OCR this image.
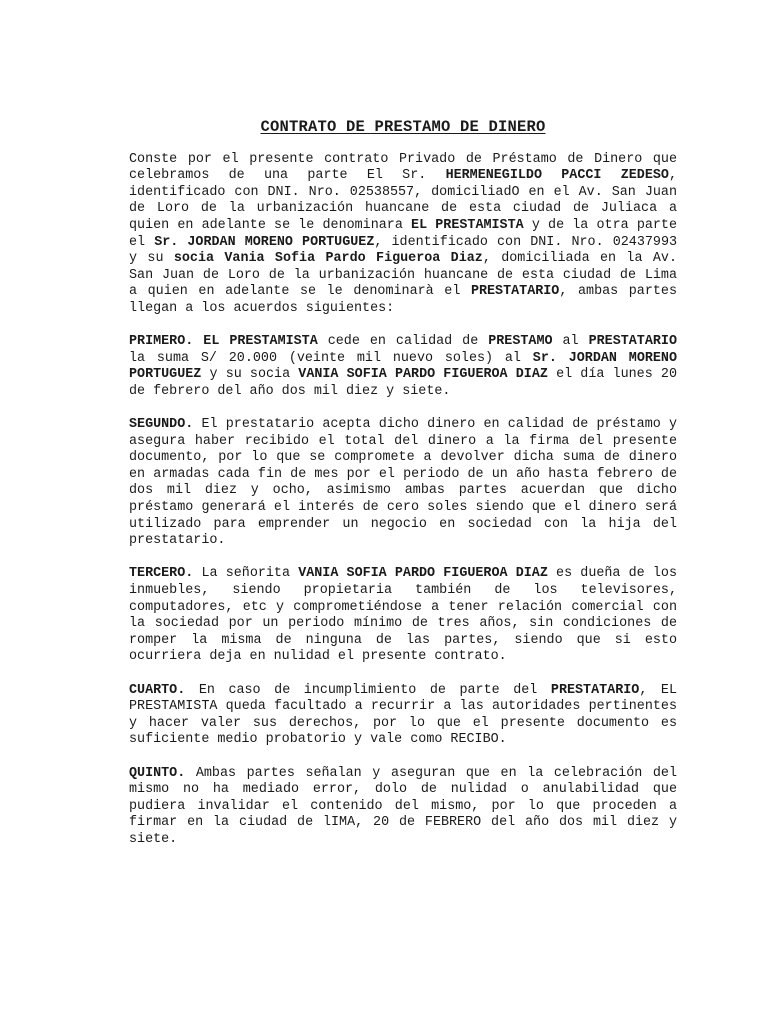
CONTRATO DE PRESTAMO DE DINERO

Conste por el presente contrato Privado de Préstamo de Dinero que celebramos de una parte El Sr. HERMENEGILDO PACCI ZEDESO, identificado con DNI. Nro. 02538557, domiciliadO en el Av. San Juan de Loro de la urbanización huancane de esta ciudad de Juliaca a quien en adelante se le denominara EL PRESTAMISTA y de la otra parte el Sr. JORDAN MORENO PORTUGUEZ, identificado con DNI. Nro. 02437993 y su socia Vania Sofia Pardo Figueroa Diaz, domiciliada en la Av. San Juan de Loro de la urbanización huancane de esta ciudad de Lima a quien en adelante se le denominarà el PRESTATARIO, ambas partes llegan a los acuerdos siguientes:

PRIMERO. EL PRESTAMISTA cede en calidad de PRESTAMO al PRESTATARIO la suma S/ 20.000 (veinte mil nuevo soles) al Sr. JORDAN MORENO PORTUGUEZ y su socia VANIA SOFIA PARDO FIGUEROA DIAZ el día lunes 20 de febrero del año dos mil diez y siete.

SEGUNDO. El prestatario acepta dicho dinero en calidad de préstamo y asegura haber recibido el total del dinero a la firma del presente documento, por lo que se compromete a devolver dicha suma de dinero en armadas cada fin de mes por el periodo de un año hasta febrero de dos mil diez y ocho, asimismo ambas partes acuerdan que dicho préstamo generará el interés de cero soles siendo que el dinero será utilizado para emprender un negocio en sociedad con la hija del prestatario.

TERCERO. La señorita VANIA SOFIA PARDO FIGUEROA DIAZ es dueña de los inmuebles, siendo propietaria también de los televisores, computadores, etc y comprometiéndose a tener relación comercial con la sociedad por un periodo mínimo de tres años, sin condiciones de romper la misma de ninguna de las partes, siendo que si esto ocurriera deja en nulidad el presente contrato.

CUARTO. En caso de incumplimiento de parte del PRESTATARIO, EL PRESTAMISTA queda facultado a recurrir a las autoridades pertinentes y hacer valer sus derechos, por lo que el presente documento es suficiente medio probatorio y vale como RECIBO.

QUINTO. Ambas partes señalan y aseguran que en la celebración del mismo no ha mediado error, dolo de nulidad o anulabilidad que pudiera invalidar el contenido del mismo, por lo que proceden a firmar en la ciudad de lIMA, 20 de FEBRERO del año dos mil diez y siete.
